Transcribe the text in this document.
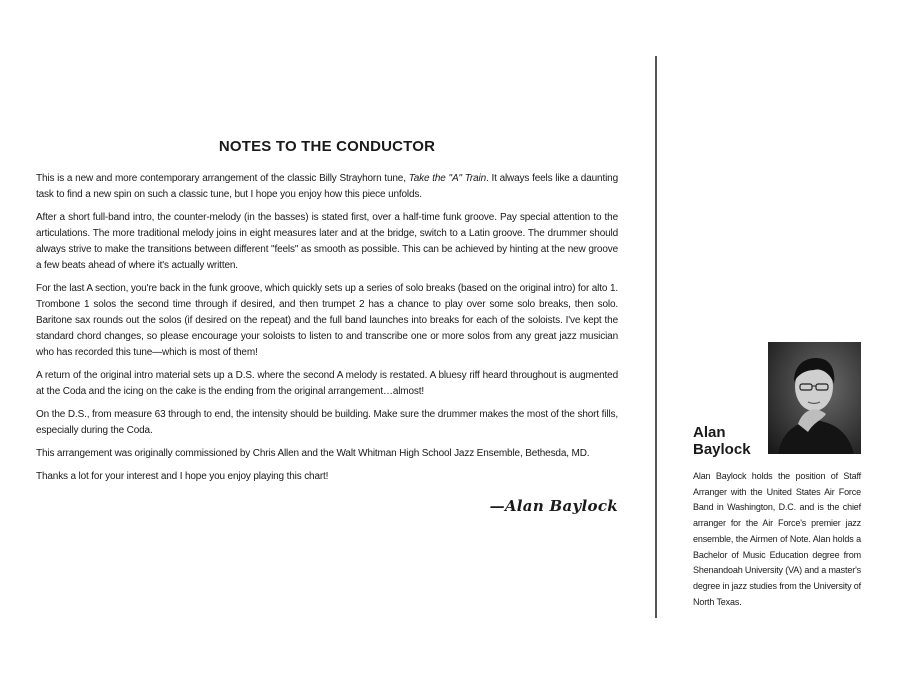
NOTES TO THE CONDUCTOR

This is a new and more contemporary arrangement of the classic Billy Strayhorn tune, Take the "A" Train. It always feels like a daunting task to find a new spin on such a classic tune, but I hope you enjoy how this piece unfolds.

After a short full-band intro, the counter-melody (in the basses) is stated first, over a half-time funk groove. Pay special attention to the articulations. The more traditional melody joins in eight measures later and at the bridge, switch to a Latin groove. The drummer should always strive to make the transitions between different "feels" as smooth as possible. This can be achieved by hinting at the new groove a few beats ahead of where it's actually written.

For the last A section, you're back in the funk groove, which quickly sets up a series of solo breaks (based on the original intro) for alto 1. Trombone 1 solos the second time through if desired, and then trumpet 2 has a chance to play over some solo breaks, then solo. Baritone sax rounds out the solos (if desired on the repeat) and the full band launches into breaks for each of the soloists. I've kept the standard chord changes, so please encourage your soloists to listen to and transcribe one or more solos from any great jazz musician who has recorded this tune—which is most of them!

A return of the original intro material sets up a D.S. where the second A melody is restated. A bluesy riff heard throughout is augmented at the Coda and the icing on the cake is the ending from the original arrangement…almost!

On the D.S., from measure 63 through to end, the intensity should be building. Make sure the drummer makes the most of the short fills, especially during the Coda.

This arrangement was originally commissioned by Chris Allen and the Walt Whitman High School Jazz Ensemble, Bethesda, MD.

Thanks a lot for your interest and I hope you enjoy playing this chart!

—Alan Baylock
Alan
Baylock
Alan Baylock holds the position of Staff Arranger with the United States Air Force Band in Washington, D.C. and is the chief arranger for the Air Force's premier jazz ensemble, the Airmen of Note. Alan holds a Bachelor of Music Education degree from Shenandoah University (VA) and a master's degree in jazz studies from the University of North Texas.
